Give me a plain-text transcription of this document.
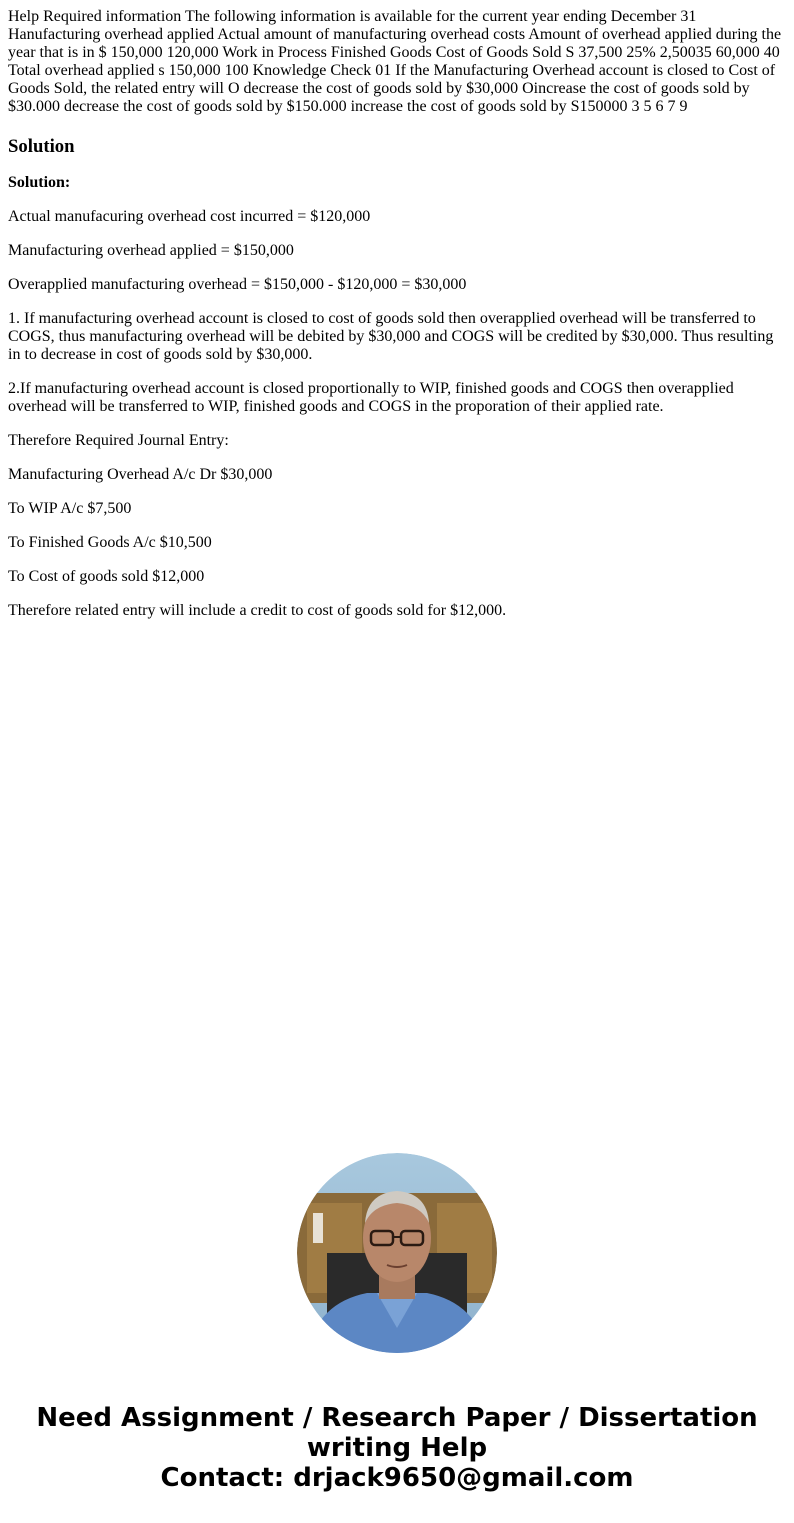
Help Required information The following information is available for the current year ending December 31 Hanufacturing overhead applied Actual amount of manufacturing overhead costs Amount of overhead applied during the year that is in $ 150,000 120,000 Work in Process Finished Goods Cost of Goods Sold S 37,500 25% 2,50035 60,000 40 Total overhead applied s 150,000 100 Knowledge Check 01 If the Manufacturing Overhead account is closed to Cost of Goods Sold, the related entry will O decrease the cost of goods sold by $30,000 Oincrease the cost of goods sold by $30.000 decrease the cost of goods sold by $150.000 increase the cost of goods sold by S150000 3 5 6 7 9
Solution
Solution:
Actual manufacuring overhead cost incurred = $120,000
Manufacturing overhead applied = $150,000
Overapplied manufacturing overhead = $150,000 - $120,000 = $30,000
1. If manufacturing overhead account is closed to cost of goods sold then overapplied overhead will be transferred to COGS, thus manufacturing overhead will be debited by $30,000 and COGS will be credited by $30,000. Thus resulting in to decrease in cost of goods sold by $30,000.
2.If manufacturing overhead account is closed proportionally to WIP, finished goods and COGS then overapplied overhead will be transferred to WIP, finished goods and COGS in the proporation of their applied rate.
Therefore Required Journal Entry:
Manufacturing Overhead A/c Dr $30,000
To WIP A/c $7,500
To Finished Goods A/c $10,500
To Cost of goods sold $12,000
Therefore related entry will include a credit to cost of goods sold for $12,000.
Need Assignment / Research Paper / Dissertation
writing Help
Contact: drjack9650@gmail.com
